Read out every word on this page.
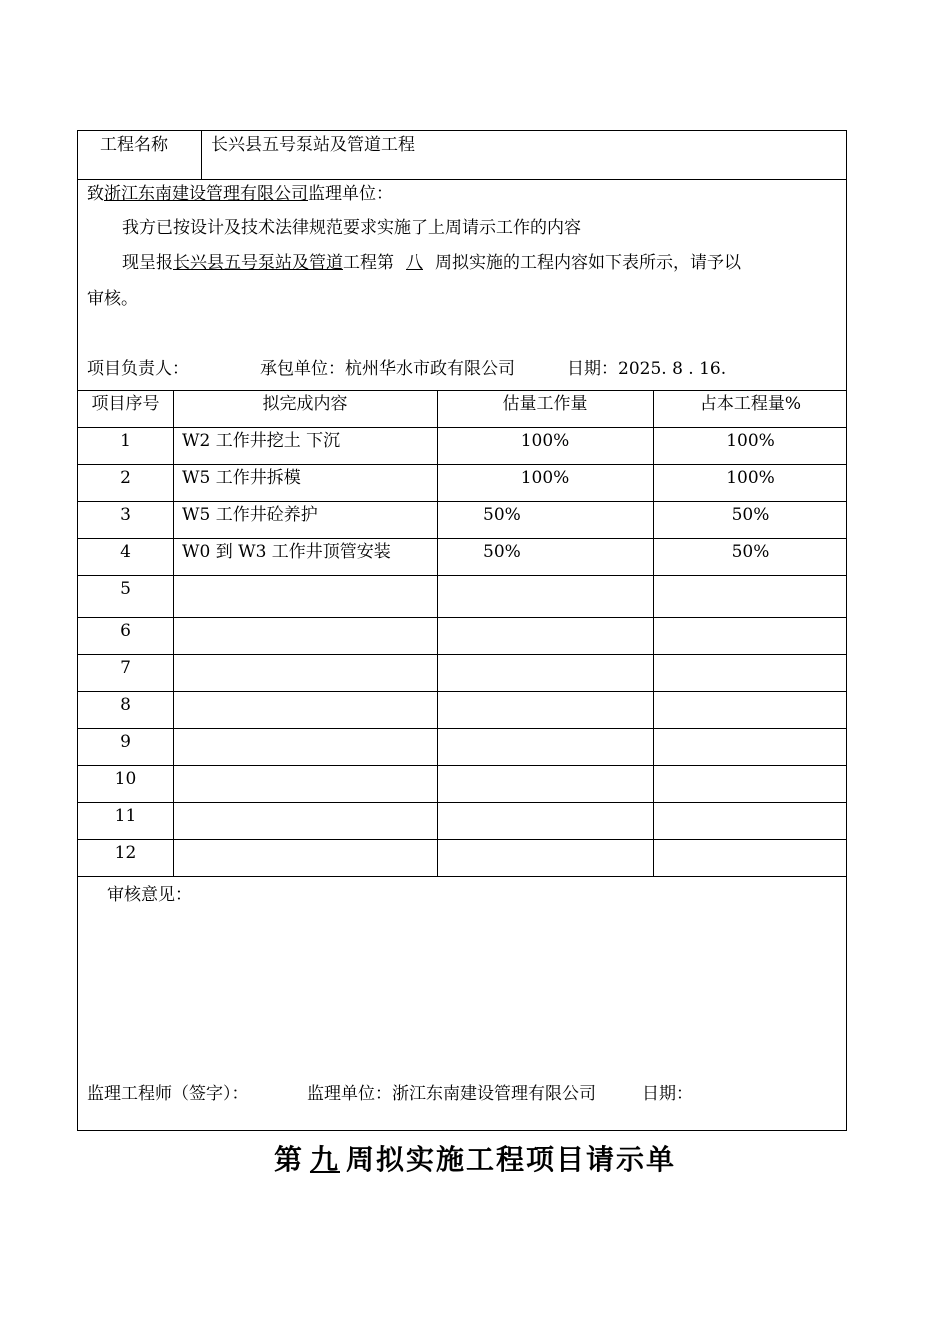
工程名称	长兴县五号泵站及管道工程
致浙江东南建设管理有限公司监理单位：
我方已按设计及技术法律规范要求实施了上周请示工作的内容
现呈报长兴县五号泵站及管道工程第 八 周拟实施的工程内容如下表所示，请予以
审核。
项目负责人：	承包单位：杭州华水市政有限公司	日期：2025. 8 . 16.
项目序号	拟完成内容	估量工作量	占本工程量%
1	W2 工作井挖土 下沉	100%	100%
2	W5 工作井拆模	100%	100%
3	W5 工作井砼养护	50%	50%
4	W0 到 W3 工作井顶管安装	50%	50%
5
6
7
8
9
10
11
12
审核意见：
监理工程师（签字）：	监理单位：浙江东南建设管理有限公司	日期：
第 九 周拟实施工程项目请示单
